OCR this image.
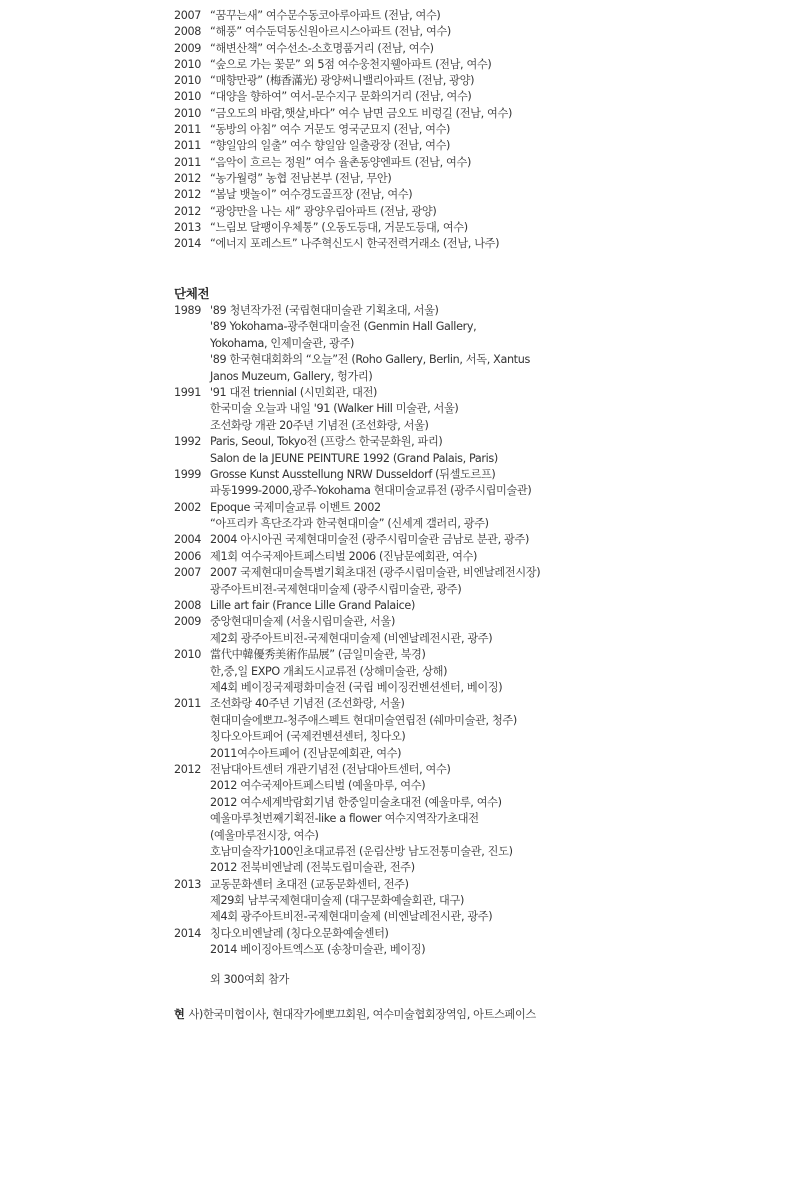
2007 “꿈꾸는새” 여수문수동코아루아파트 (전남, 여수)
2008 “해풍” 여수둔덕동신원아르시스아파트 (전남, 여수)
2009 “해변산책” 여수선소-소호명품거리 (전남, 여수)
2010 “숲으로 가는 꽃문” 외 5점 여수웅천지웰아파트 (전남, 여수)
2010 “매향만광” (梅香滿光) 광양써니밸리아파트 (전남, 광양)
2010 “대양을 향하여” 여서-문수지구 문화의거리 (전남, 여수)
2010 “금오도의 바람,햇살,바다” 여수 남면 금오도 비렁길 (전남, 여수)
2011 “동방의 아침” 여수 거문도 영국군묘지 (전남, 여수)
2011 “향일암의 일출” 여수 향일암 일출광장 (전남, 여수)
2011 “음악이 흐르는 정원” 여수 율촌동양엔파트 (전남, 여수)
2012 “농가월령” 농협 전남본부 (전남, 무안)
2012 “봄날 뱃놀이” 여수경도골프장 (전남, 여수)
2012 “광양만을 나는 새” 광양우림아파트 (전남, 광양)
2013 “느림보 달팽이우체통” (오동도등대, 거문도등대, 여수)
2014 “에너지 포레스트” 나주혁신도시 한국전력거래소 (전남, 나주)
단체전
1989 '89 청년작가전 (국립현대미술관 기획초대, 서울)
'89 Yokohama-광주현대미술전 (Genmin Hall Gallery,
Yokohama, 인제미술관, 광주)
'89 한국현대회화의 “오늘”전 (Roho Gallery, Berlin, 서독, Xantus
Janos Muzeum, Gallery, 헝가리)
1991 '91 대전 triennial (시민회관, 대전)
한국미술 오늘과 내일 '91 (Walker Hill 미술관, 서울)
조선화랑 개관 20주년 기념전 (조선화랑, 서울)
1992 Paris, Seoul, Tokyo전 (프랑스 한국문화원, 파리)
Salon de la JEUNE PEINTURE 1992 (Grand Palais, Paris)
1999 Grosse Kunst Ausstellung NRW Dusseldorf (뒤셀도르프)
파동1999-2000,광주-Yokohama 현대미술교류전 (광주시립미술관)
2002 Epoque 국제미술교류 이벤트 2002
“아프리카 흑단조각과 한국현대미술” (신세계 갤러리, 광주)
2004 2004 아시아권 국제현대미술전 (광주시립미술관 금남로 분관, 광주)
2006 제1회 여수국제아트페스티벌 2006 (진남문예회관, 여수)
2007 2007 국제현대미술특별기획초대전 (광주시립미술관, 비엔날레전시장)
광주아트비젼-국제현대미술제 (광주시립미술관, 광주)
2008 Lille art fair (France Lille Grand Palaice)
2009 중앙현대미술제 (서울시립미술관, 서울)
제2회 광주아트비전-국제현대미술제 (비엔날레전시관, 광주)
2010 當代中韓優秀美術作品展” (금일미술관, 북경)
한,중,일 EXPO 개최도시교류전 (상해미술관, 상해)
제4회 베이징국제평화미술전 (국립 베이징컨벤션센터, 베이징)
2011 조선화랑 40주년 기념전 (조선화랑, 서울)
현대미술에뽀끄-청주애스펙트 현대미술연립전 (쉐마미술관, 청주)
칭다오아트페어 (국제컨벤션센터, 칭다오)
2011여수아트페어 (진남문예회관, 여수)
2012 전남대아트센터 개관기념전 (전남대아트센터, 여수)
2012 여수국제아트페스티벌 (예울마루, 여수)
2012 여수세계박람회기념 한중일미술초대전 (예울마루, 여수)
예울마루첫번째기획전-like a flower 여수지역작가초대전
(예울마루전시장, 여수)
호남미술작가100인초대교류전 (운림산방 남도전통미술관, 진도)
2012 전북비엔날레 (전북도립미술관, 전주)
2013 교동문화센터 초대전 (교동문화센터, 전주)
제29회 남부국제현대미술제 (대구문화예술회관, 대구)
제4회 광주아트비전-국제현대미술제 (비엔날레전시관, 광주)
2014 칭다오비엔날레 (칭다오문화예술센터)
2014 베이징아트엑스포 (송창미술관, 베이징)
외 300여회 참가
현 사)한국미협이사, 현대작가에뽀끄회원, 여수미술협회장역임, 아트스페이스
